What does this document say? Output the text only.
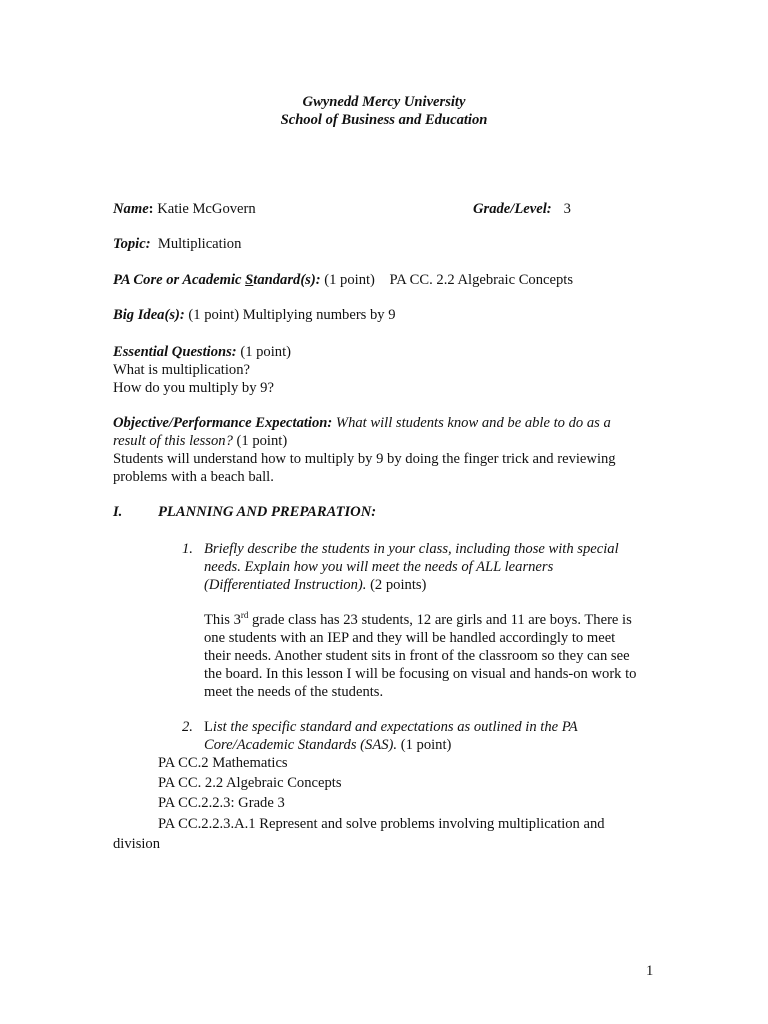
Gwynedd Mercy University
School of Business and Education
Name: Katie McGovern	Grade/Level: 3
Topic: Multiplication
PA Core or Academic Standard(s): (1 point) PA CC. 2.2 Algebraic Concepts
Big Idea(s): (1 point) Multiplying numbers by 9
Essential Questions: (1 point)
What is multiplication?
How do you multiply by 9?
Objective/Performance Expectation: What will students know and be able to do as a
result of this lesson? (1 point)
Students will understand how to multiply by 9 by doing the finger trick and reviewing
problems with a beach ball.
I. PLANNING AND PREPARATION:
1. Briefly describe the students in your class, including those with special
needs. Explain how you will meet the needs of ALL learners
(Differentiated Instruction). (2 points)
This 3rd grade class has 23 students, 12 are girls and 11 are boys. There is
one students with an IEP and they will be handled accordingly to meet
their needs. Another student sits in front of the classroom so they can see
the board. In this lesson I will be focusing on visual and hands-on work to
meet the needs of the students.
2. List the specific standard and expectations as outlined in the PA
Core/Academic Standards (SAS). (1 point)
PA CC.2 Mathematics
PA CC. 2.2 Algebraic Concepts
PA CC.2.2.3: Grade 3
PA CC.2.2.3.A.1 Represent and solve problems involving multiplication and
division
1
